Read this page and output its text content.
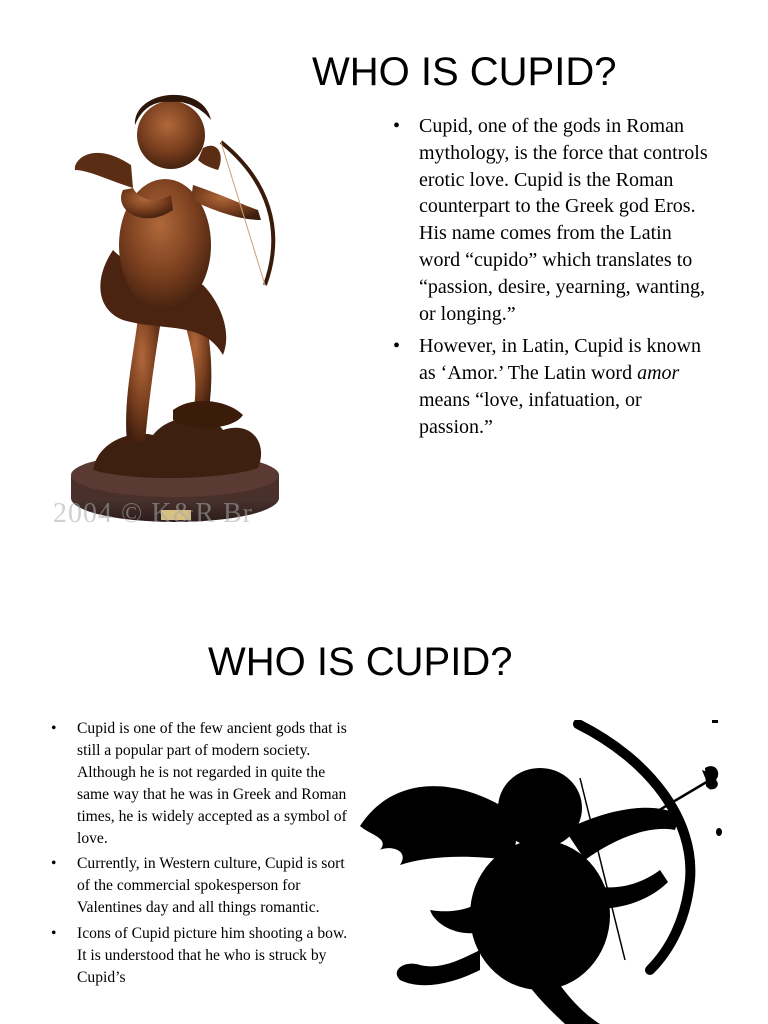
WHO IS CUPID?
2004 © K&R Br
• Cupid, one of the gods in Roman mythology, is the force that controls erotic love. Cupid is the Roman counterpart to the Greek god Eros. His name comes from the Latin word “cupido” which translates to “passion, desire, yearning, wanting, or longing.”
• However, in Latin, Cupid is known as ‘Amor.’ The Latin word amor means “love, infatuation, or passion.”
WHO IS CUPID?
• Cupid is one of the few ancient gods that is still a popular part of modern society. Although he is not regarded in quite the same way that he was in Greek and Roman times, he is widely accepted as a symbol of love.
• Currently, in Western culture, Cupid is sort of the commercial spokesperson for Valentines day and all things romantic.
• Icons of Cupid picture him shooting a bow. It is understood that he who is struck by Cupid’s
